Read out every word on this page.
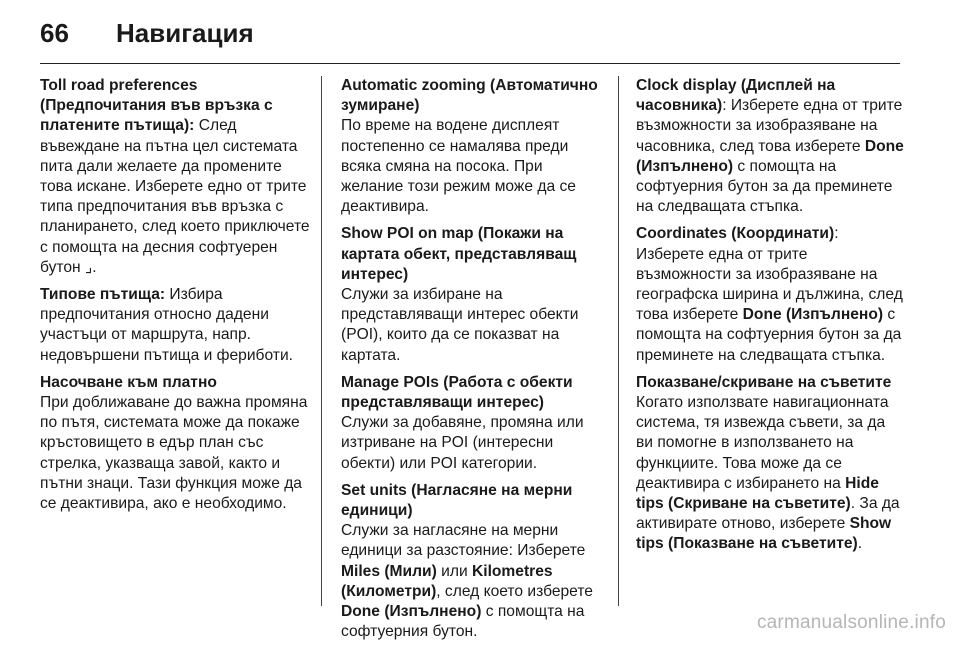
66 Навигация
Toll road preferences (Предпочитания във връзка с платените пътища): След въвеждане на пътна цел системата пита дали желаете да промените това искане. Изберете едно от трите типа предпочитания във връзка с планирането, след което приключете с помощта на десния софтуерен бутон ⌟.
Типове пътища: Избира предпочитания относно дадени участъци от маршрута, напр. недовършени пътища и фериботи.
Насочване към платно
При доближаване до важна промяна по пътя, системата може да покаже кръстовището в едър план със стрелка, указваща завой, както и пътни знаци. Тази функция може да се деактивира, ако е необходимо.
Automatic zooming (Автоматично зумиране)
По време на водене дисплеят постепенно се намалява преди всяка смяна на посока. При желание този режим може да се деактивира.
Show POI on map (Покажи на картата обект, представляващ интерес)
Служи за избиране на представляващи интерес обекти (POI), които да се показват на картата.
Manage POIs (Работа с обекти представляващи интерес)
Служи за добавяне, промяна или изтриване на POI (интересни обекти) или POI категории.
Set units (Нагласяне на мерни единици)
Служи за нагласяне на мерни единици за разстояние: Изберете Miles (Мили) или Kilometres (Километри), след което изберете Done (Изпълнено) с помощта на софтуерния бутон.
Clock display (Дисплей на часовника): Изберете една от трите възможности за изобразяване на часовника, след това изберете Done (Изпълнено) с помощта на софтуерния бутон за да преминете на следващата стъпка.
Coordinates (Координати): Изберете една от трите възможности за изобразяване на географска ширина и дължина, след това изберете Done (Изпълнено) с помощта на софтуерния бутон за да преминете на следващата стъпка.
Показване/скриване на съветите
Когато използвате навигационната система, тя извежда съвети, за да ви помогне в използването на функциите. Това може да се деактивира с избирането на Hide tips (Скриване на съветите). За да активирате отново, изберете Show tips (Показване на съветите).
carmanualsonline.info
